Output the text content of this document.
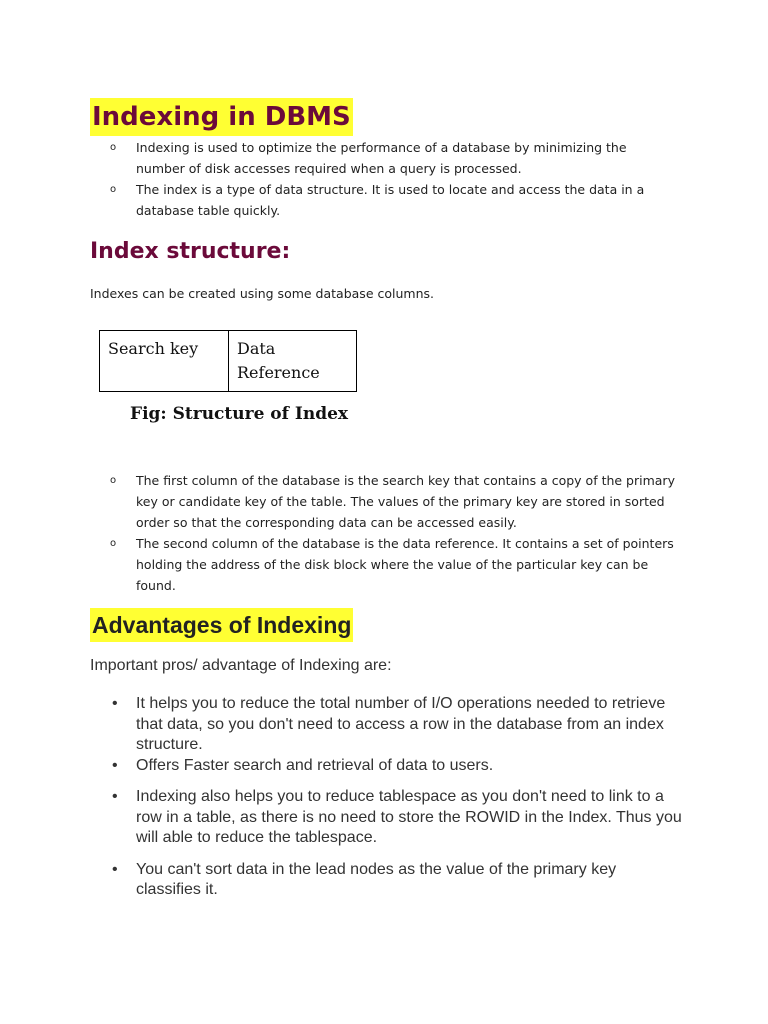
Indexing in DBMS
o Indexing is used to optimize the performance of a database by minimizing the number of disk accesses required when a query is processed.
o The index is a type of data structure. It is used to locate and access the data in a database table quickly.
Index structure:

Indexes can be created using some database columns.

Search key	Data
Reference

Fig: Structure of Index

o The first column of the database is the search key that contains a copy of the primary key or candidate key of the table. The values of the primary key are stored in sorted order so that the corresponding data can be accessed easily.
o The second column of the database is the data reference. It contains a set of pointers holding the address of the disk block where the value of the particular key can be found.
Advantages of Indexing

Important pros/ advantage of Indexing are:

• It helps you to reduce the total number of I/O operations needed to retrieve that data, so you don't need to access a row in the database from an index structure.
• Offers Faster search and retrieval of data to users.
• Indexing also helps you to reduce tablespace as you don't need to link to a row in a table, as there is no need to store the ROWID in the Index. Thus you will able to reduce the tablespace.
• You can't sort data in the lead nodes as the value of the primary key classifies it.
